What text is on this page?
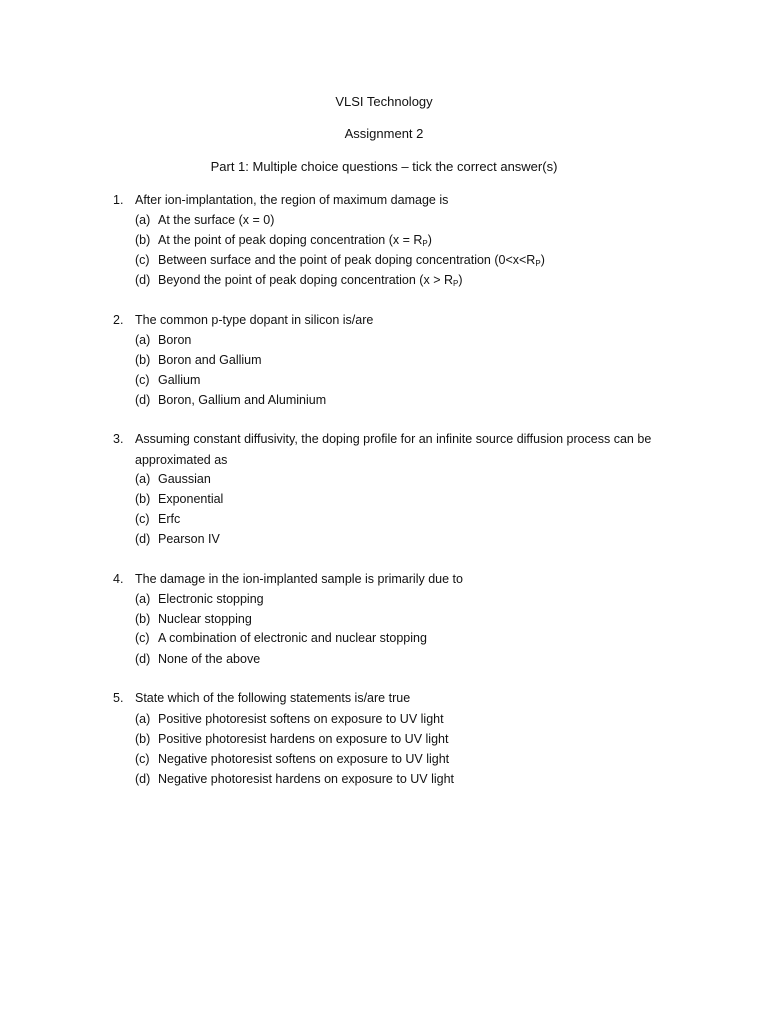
VLSI Technology
Assignment 2
Part 1: Multiple choice questions – tick the correct answer(s)
1. After ion-implantation, the region of maximum damage is
(a) At the surface (x = 0)
(b) At the point of peak doping concentration $(x = R_P)$
(c) Between surface and the point of peak doping concentration $(0<x<R_P)$
(d) Beyond the point of peak doping concentration $(x > R_P)$
2. The common p-type dopant in silicon is/are
(a) Boron
(b) Boron and Gallium
(c) Gallium
(d) Boron, Gallium and Aluminium
3. Assuming constant diffusivity, the doping profile for an infinite source diffusion process can be
approximated as
(a) Gaussian
(b) Exponential
(c) Erfc
(d) Pearson IV
4. The damage in the ion-implanted sample is primarily due to
(a) Electronic stopping
(b) Nuclear stopping
(c) A combination of electronic and nuclear stopping
(d) None of the above
5. State which of the following statements is/are true
(a) Positive photoresist softens on exposure to UV light
(b) Positive photoresist hardens on exposure to UV light
(c) Negative photoresist softens on exposure to UV light
(d) Negative photoresist hardens on exposure to UV light
